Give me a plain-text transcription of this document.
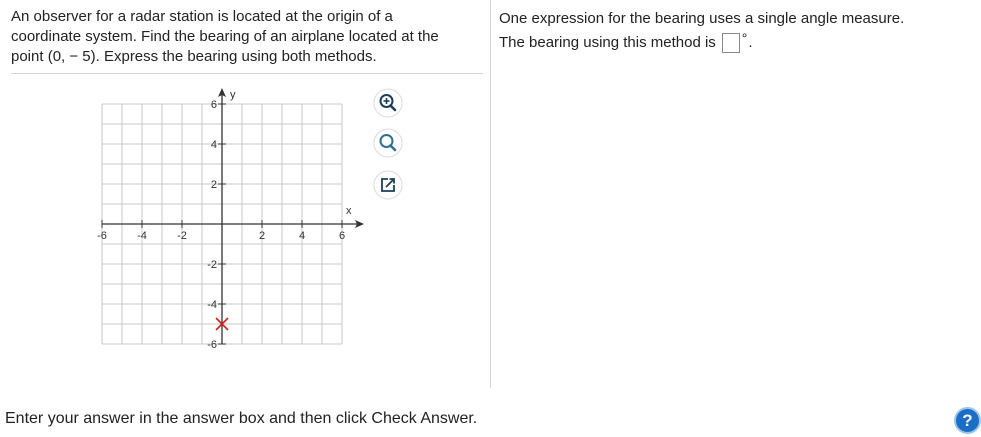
An observer for a radar station is located at the origin of a
coordinate system. Find the bearing of an airplane located at the
point (0, − 5). Express the bearing using both methods.
x
y
-6	-4	-2	2	4	6
6
4
2
-2
-4
-6
One expression for the bearing uses a single angle measure.
The bearing using this method is ° .
Enter your answer in the answer box and then click Check Answer.	?
